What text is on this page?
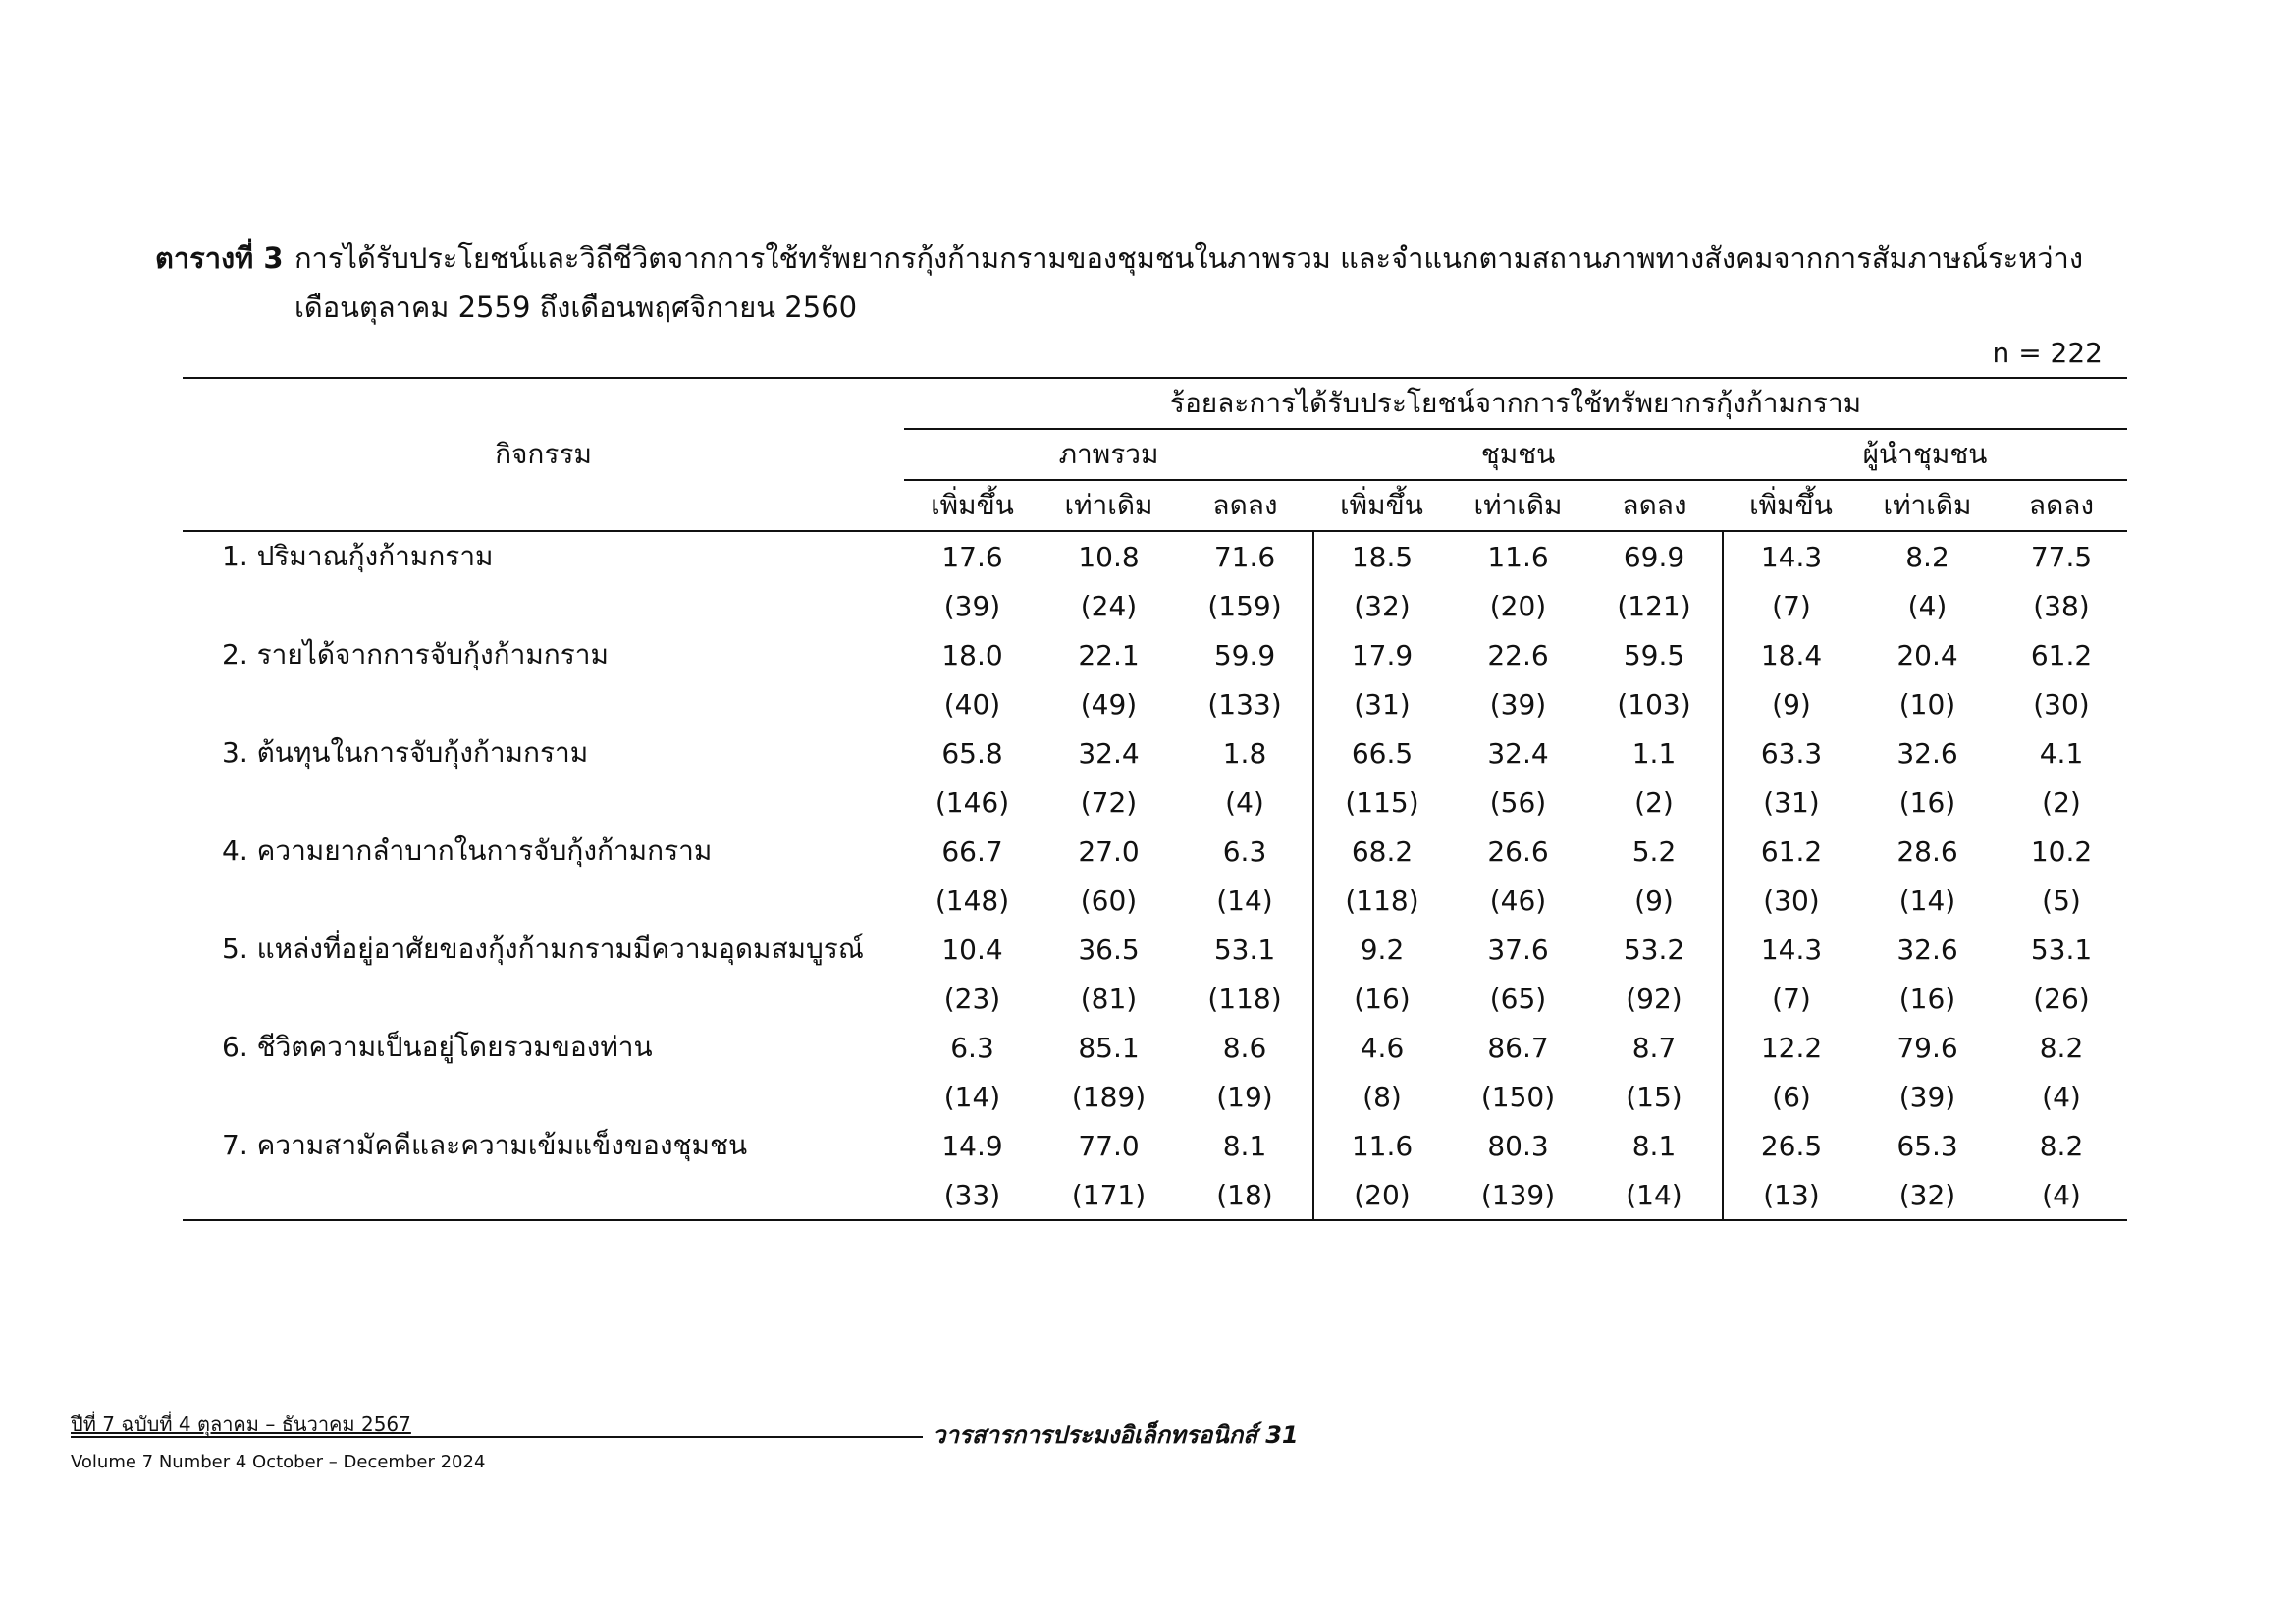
ตารางที่ 3 การได้รับประโยชน์และวิถีชีวิตจากการใช้ทรัพยากรกุ้งก้ามกรามของชุมชนในภาพรวม และจำแนกตามสถานภาพทางสังคมจากการสัมภาษณ์ระหว่าง
เดือนตุลาคม 2559 ถึงเดือนพฤศจิกายน 2560
n = 222
กิจกรรม	ร้อยละการได้รับประโยชน์จากการใช้ทรัพยากรกุ้งก้ามกราม								
	ภาพรวม			ชุมชน			ผู้นำชุมชน		
	เพิ่มขึ้น	เท่าเดิม	ลดลง	เพิ่มขึ้น	เท่าเดิม	ลดลง	เพิ่มขึ้น	เท่าเดิม	ลดลง
1. ปริมาณกุ้งก้ามกราม	17.6	10.8	71.6	18.5	11.6	69.9	14.3	8.2	77.5
	(39)	(24)	(159)	(32)	(20)	(121)	(7)	(4)	(38)
2. รายได้จากการจับกุ้งก้ามกราม	18.0	22.1	59.9	17.9	22.6	59.5	18.4	20.4	61.2
	(40)	(49)	(133)	(31)	(39)	(103)	(9)	(10)	(30)
3. ต้นทุนในการจับกุ้งก้ามกราม	65.8	32.4	1.8	66.5	32.4	1.1	63.3	32.6	4.1
	(146)	(72)	(4)	(115)	(56)	(2)	(31)	(16)	(2)
4. ความยากลำบากในการจับกุ้งก้ามกราม	66.7	27.0	6.3	68.2	26.6	5.2	61.2	28.6	10.2
	(148)	(60)	(14)	(118)	(46)	(9)	(30)	(14)	(5)
5. แหล่งที่อยู่อาศัยของกุ้งก้ามกรามมีความอุดมสมบูรณ์	10.4	36.5	53.1	9.2	37.6	53.2	14.3	32.6	53.1
	(23)	(81)	(118)	(16)	(65)	(92)	(7)	(16)	(26)
6. ชีวิตความเป็นอยู่โดยรวมของท่าน	6.3	85.1	8.6	4.6	86.7	8.7	12.2	79.6	8.2
	(14)	(189)	(19)	(8)	(150)	(15)	(6)	(39)	(4)
7. ความสามัคคีและความเข้มแข็งของชุมชน	14.9	77.0	8.1	11.6	80.3	8.1	26.5	65.3	8.2
	(33)	(171)	(18)	(20)	(139)	(14)	(13)	(32)	(4)
ปีที่ 7 ฉบับที่ 4 ตุลาคม – ธันวาคม 2567
Volume 7 Number 4 October – December 2024
วารสารการประมงอิเล็กทรอนิกส์ 31
